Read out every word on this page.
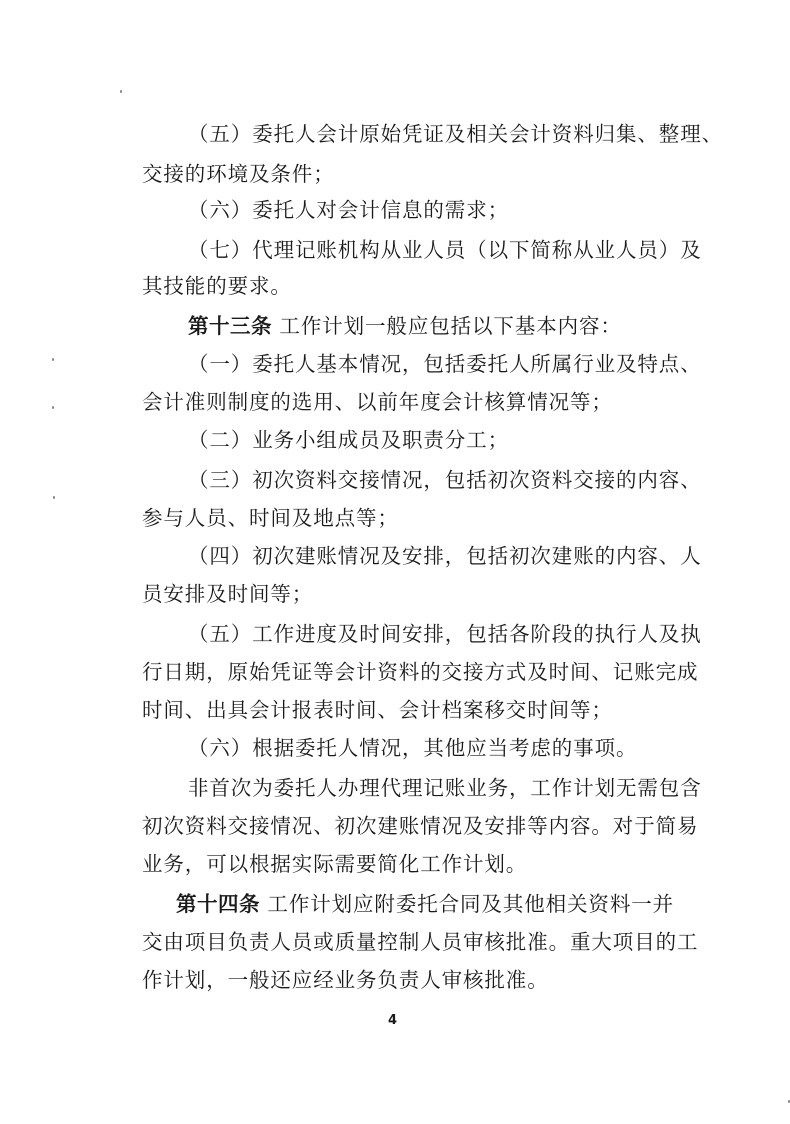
（五）委托人会计原始凭证及相关会计资料归集、整理、
交接的环境及条件；
（六）委托人对会计信息的需求；
（七）代理记账机构从业人员（以下简称从业人员）及
其技能的要求。
第十三条 工作计划一般应包括以下基本内容：
（一）委托人基本情况，包括委托人所属行业及特点、
会计准则制度的选用、以前年度会计核算情况等；
（二）业务小组成员及职责分工；
（三）初次资料交接情况，包括初次资料交接的内容、
参与人员、时间及地点等；
（四）初次建账情况及安排，包括初次建账的内容、人
员安排及时间等；
（五）工作进度及时间安排，包括各阶段的执行人及执
行日期，原始凭证等会计资料的交接方式及时间、记账完成
时间、出具会计报表时间、会计档案移交时间等；
（六）根据委托人情况，其他应当考虑的事项。
非首次为委托人办理代理记账业务，工作计划无需包含
初次资料交接情况、初次建账情况及安排等内容。对于简易
业务，可以根据实际需要简化工作计划。
第十四条 工作计划应附委托合同及其他相关资料一并
交由项目负责人员或质量控制人员审核批准。重大项目的工
作计划，一般还应经业务负责人审核批准。
4
